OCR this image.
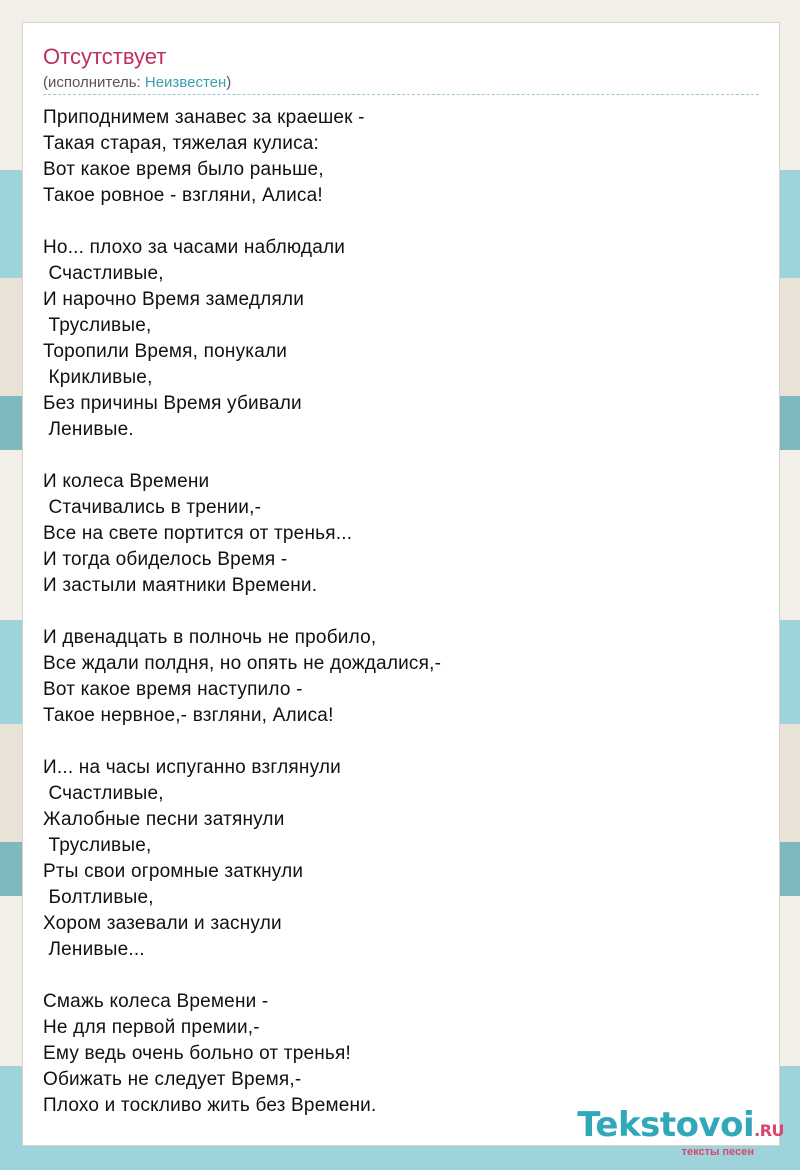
Отсутствует
(исполнитель: Неизвестен)
Приподнимем занавес за краешек -
Такая старая, тяжелая кулиса:
Вот какое время было раньше,
Такое ровное - взгляни, Алиса!
Но... плохо за часами наблюдали
Счастливые,
И нарочно Время замедляли
Трусливые,
Торопили Время, понукали
Крикливые,
Без причины Время убивали
Ленивые.
И колеса Времени
Стачивались в трении,-
Все на свете портится от тренья...
И тогда обиделось Время -
И застыли маятники Времени.
И двенадцать в полночь не пробило,
Все ждали полдня, но опять не дождалися,-
Вот какое время наступило -
Такое нервное,- взгляни, Алиса!
И... на часы испуганно взглянули
Счастливые,
Жалобные песни затянули
Трусливые,
Рты свои огромные заткнули
Болтливые,
Хором зазевали и заснули
Ленивые...
Смажь колеса Времени -
Не для первой премии,-
Ему ведь очень больно от тренья!
Обижать не следует Время,-
Плохо и тоскливо жить без Времени.	Tekstovoi.RU
тексты песен
